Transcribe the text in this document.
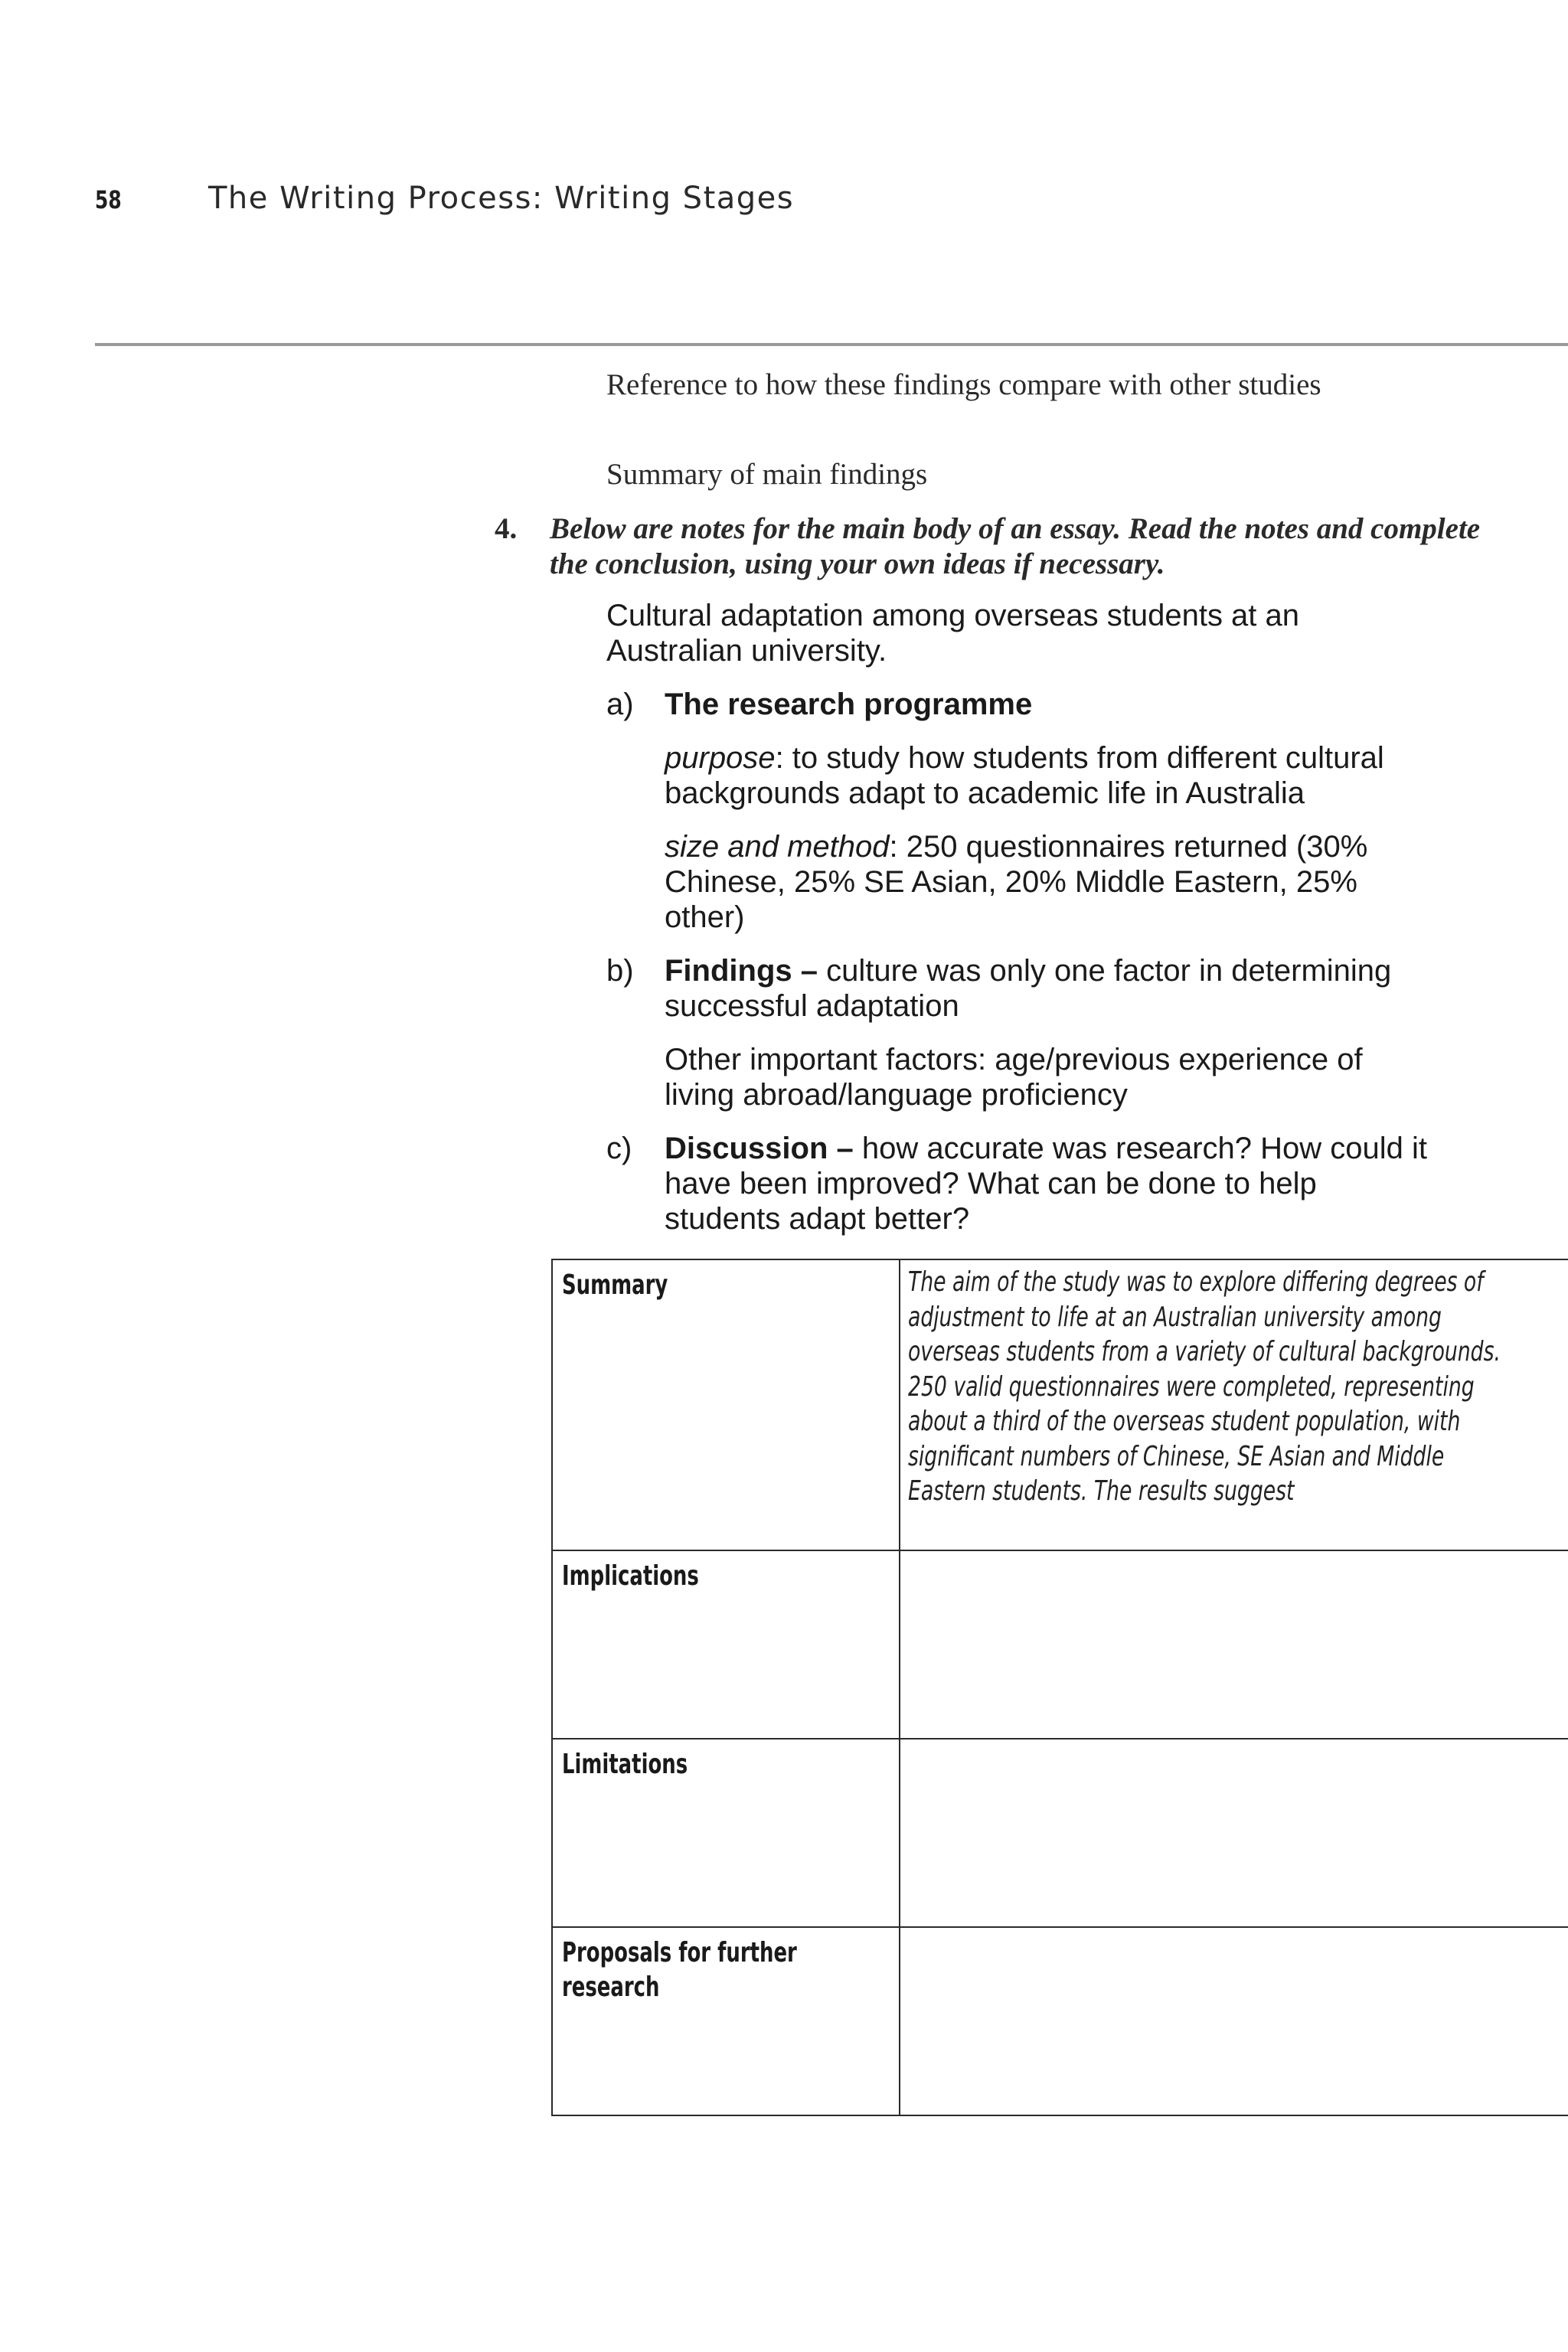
58	The Writing Process: Writing Stages
Reference to how these findings compare with other studies
Summary of main findings
4. Below are notes for the main body of an essay. Read the notes and complete the conclusion, using your own ideas if necessary.
Cultural adaptation among overseas students at an Australian university.
a) The research programme
purpose: to study how students from different cultural backgrounds adapt to academic life in Australia
size and method: 250 questionnaires returned (30% Chinese, 25% SE Asian, 20% Middle Eastern, 25% other)
b) Findings – culture was only one factor in determining successful adaptation
Other important factors: age/previous experience of living abroad/language proficiency
c) Discussion – how accurate was research? How could it have been improved? What can be done to help students adapt better?
Summary	The aim of the study was to explore differing degrees of adjustment to life at an Australian university among overseas students from a variety of cultural backgrounds. 250 valid questionnaires were completed, representing about a third of the overseas student population, with significant numbers of Chinese, SE Asian and Middle Eastern students. The results suggest

Implications	

Limitations	

Proposals for further research	
